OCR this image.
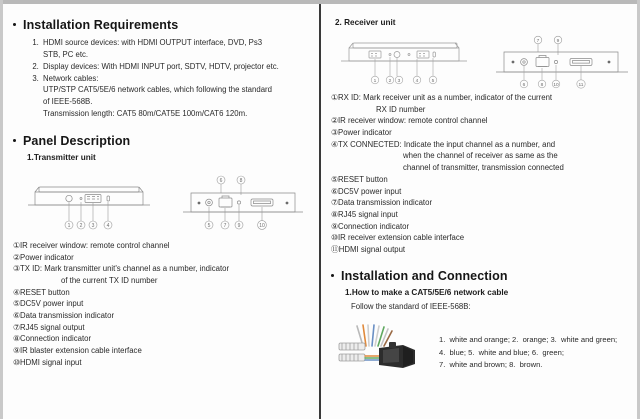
Installation Requirements
1. HDMI source devices: with HDMI OUTPUT interface, DVD, Ps3
STB, PC etc.
2. Display devices: With HDMI INPUT port, SDTV, HDTV, projector etc.
3. Network cables:
UTP/STP CAT5/5E/6 network cables, which following the standard
of IEEE-568B.
Transmission length: CAT5 80m/CAT5E 100m/CAT6 120m.
Panel Description
1.Transmitter unit
1 2 3 4
6	8
5	7 9	10
①IR receiver window: remote control channel
②Power indicator
③TX ID: Mark transmitter unit's channel as a number, indicator
of the current TX ID number
④RESET button
⑤DC5V power input
⑥Data transmission indicator
⑦RJ45 signal output
⑧Connection indicator
⑨IR blaster extension cable interface
⑩HDMI signal input
2. Receiver unit
1	2 3	4	5
7	9
6	8 10	11
①RX ID: Mark receiver unit as a number, indicator of the current
RX ID number
②IR receiver window: remote control channel
③Power indicator
④TX CONNECTED: Indicate the input channel as a number, and
when the channel of receiver as same as the
channel of transmitter, transmission connected
⑤RESET button
⑥DC5V power input
⑦Data transmission indicator
⑧RJ45 signal input
⑨Connection indicator
⑩IR receiver extension cable interface
⑪HDMI signal output
Installation and Connection
1.How to make a CAT5/5E/6 network cable
Follow the standard of IEEE-568B:
1.  white and orange; 2.  orange; 3.  white and green;
4.  blue; 5.  white and blue; 6.  green;
7.  white and brown; 8.  brown.
